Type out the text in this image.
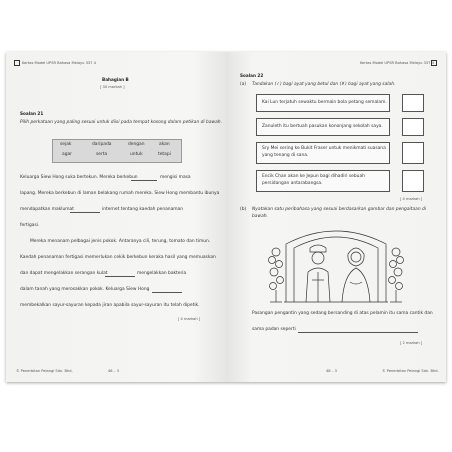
Kertas Model UPSR Bahasa Melayu 337 4
Bahagian B
[ 30 markah ]
Soalan 21
Pilih perkataan yang paling sesuai untuk diisi pada tempat kosong dalam petikan di bawah.
sejak	daripada	dengan	akan
agar	serta	untuk	tetapi
Keluarga Siew Hong suka bertekun. Mereka berkebun	mengisi masa
lapang. Mereka berkebun di laman belakang rumah mereka. Siew Hong membantu ibunya
mendapatkan maklumat	internet tentang kaedah penanaman
fertigasi.
Mereka menanam pelbagai jenis pokok. Antaranya cili, terung, tomato dan timun.
Kaedah penanaman fertigasi memerlukan cekik berkebun keraka hasil yang memuaskan
dan dapat mengelakkan serangan kulat	mengelakkan bakteria
dalam tanah yang merosakkan pokok. Keluarga Siew Hong
membekalkan sayur-sayuran kepada jiran apabila sayur-sayuran itu telah dipetik.
[ 4 markah ]
© Penerbitan Pelangi Sdn. Bhd.	46 – 3
Kertas Model UPSR Bahasa Melayu 337 4
Soalan 22
(a) Tandakan (✓) bagi ayat yang betul dan (✗) bagi ayat yang salah.
Kai Lun terjatuh sewaktu bermain bola petang semalam.
Zanuleth itu bertuah pasukan kononjang sekolah saya.
Sry Mei sering ke Bukit Fraser untuk menikmati suasana yang tenang di sana.
Encik Chan akan ke Jepun bagi dihadiri sebuah persidangan antarabangsa.
[ 4 markah ]
(b) Nyatakan satu peribahasa yang sesuai berdasarkan gambar dan pengaitaan di
bawah.
Pasangan pengantin yang sedang bersanding di atas pelamin itu sama cantik dan
sama padan seperti
[ 2 markah ]
48 – 3	© Penerbitan Pelangi Sdn. Bhd.
